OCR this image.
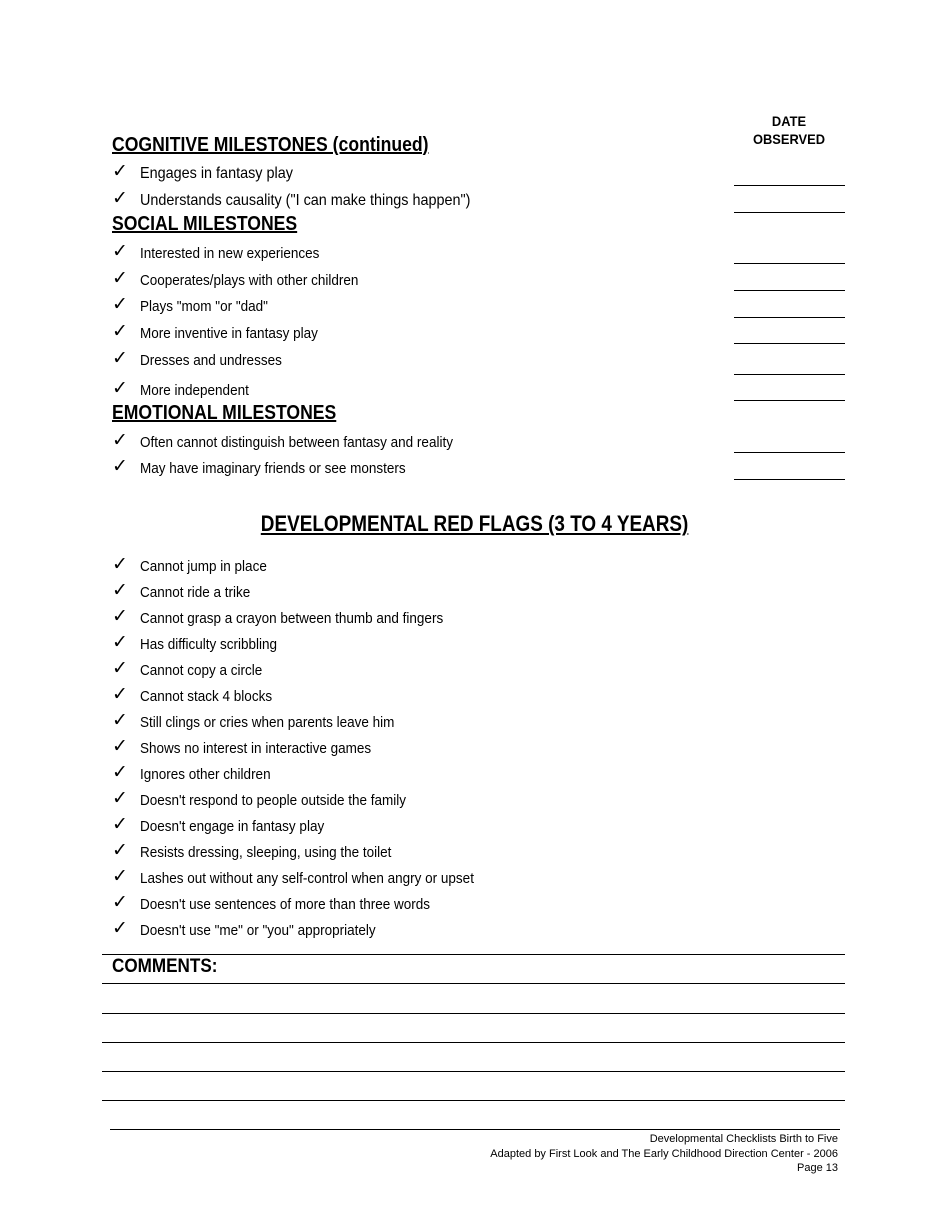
DATE
OBSERVED
COGNITIVE MILESTONES (continued)
✓ Engages in fantasy play
✓ Understands causality ("I can make things happen")
SOCIAL MILESTONES
✓ Interested in new experiences
✓ Cooperates/plays with other children
✓ Plays "mom "or "dad"
✓ More inventive in fantasy play
✓ Dresses and undresses
✓ More independent
EMOTIONAL MILESTONES
✓ Often cannot distinguish between fantasy and reality
✓ May have imaginary friends or see monsters
DEVELOPMENTAL RED FLAGS (3 TO 4 YEARS)
✓ Cannot jump in place
✓ Cannot ride a trike
✓ Cannot grasp a crayon between thumb and fingers
✓ Has difficulty scribbling
✓ Cannot copy a circle
✓ Cannot stack 4 blocks
✓ Still clings or cries when parents leave him
✓ Shows no interest in interactive games
✓ Ignores other children
✓ Doesn't respond to people outside the family
✓ Doesn't engage in fantasy play
✓ Resists dressing, sleeping, using the toilet
✓ Lashes out without any self-control when angry or upset
✓ Doesn't use sentences of more than three words
✓ Doesn't use "me" or "you" appropriately
COMMENTS:
Developmental Checklists Birth to Five
Adapted by First Look and The Early Childhood Direction Center - 2006
Page 13
